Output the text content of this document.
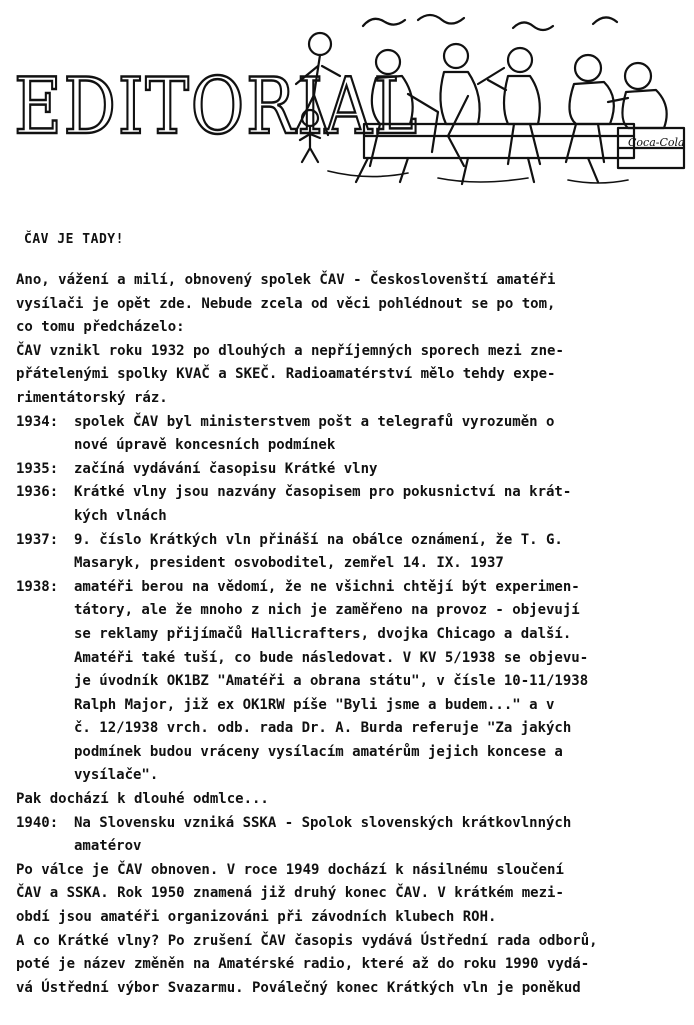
EDITORIAL	Coca-Cola
ČAV JE TADY!

Ano, vážení a milí, obnovený spolek ČAV - Českoslovenští amatéři
vysílači je opět zde. Nebude zcela od věci pohlédnout se po tom,
co tomu předcházelo:

ČAV vznikl roku 1932 po dlouhých a nepříjemných sporech mezi zne-
přátelenými spolky KVAČ a SKEČ. Radioamatérství mělo tehdy expe-
rimentátorský ráz.

1934:	spolek ČAV byl ministerstvem pošt a telegrafů vyrozuměn o
nové úpravě koncesních podmínek

1935:	začíná vydávání časopisu Krátké vlny

1936:	Krátké vlny jsou nazvány časopisem pro pokusnictví na krát-
kých vlnách

1937:	9. číslo Krátkých vln přináší na obálce oznámení, že T. G.
Masaryk, president osvoboditel, zemřel 14. IX. 1937

1938:	amatéři berou na vědomí, že ne všichni chtějí být experimen-
tátory, ale že mnoho z nich je zaměřeno na provoz - objevují
se reklamy přijímačů Hallicrafters, dvojka Chicago a další.
Amatéři také tuší, co bude následovat. V KV 5/1938 se objevu-
je úvodník OK1BZ "Amatéři a obrana státu", v čísle 10-11/1938
Ralph Major, již ex OK1RW píše "Byli jsme a budem..." a v
č. 12/1938 vrch. odb. rada Dr. A. Burda referuje "Za jakých
podmínek budou vráceny vysílacím amatérům jejich koncese a
vysílače".

Pak dochází k dlouhé odmlce...

1940:	Na Slovensku vzniká SSKA - Spolok slovenských krátkovlnných
amatérov

Po válce je ČAV obnoven. V roce 1949 dochází k násilnému sloučení
ČAV a SSKA. Rok 1950 znamená již druhý konec ČAV. V krátkém mezi-
obdí jsou amatéři organizováni při závodních klubech ROH.

A co Krátké vlny? Po zrušení ČAV časopis vydává Ústřední rada odborů,
poté je název změněn na Amatérské radio, které až do roku 1990 vydá-
vá Ústřední výbor Svazarmu. Poválečný konec Krátkých vln je poněkud
